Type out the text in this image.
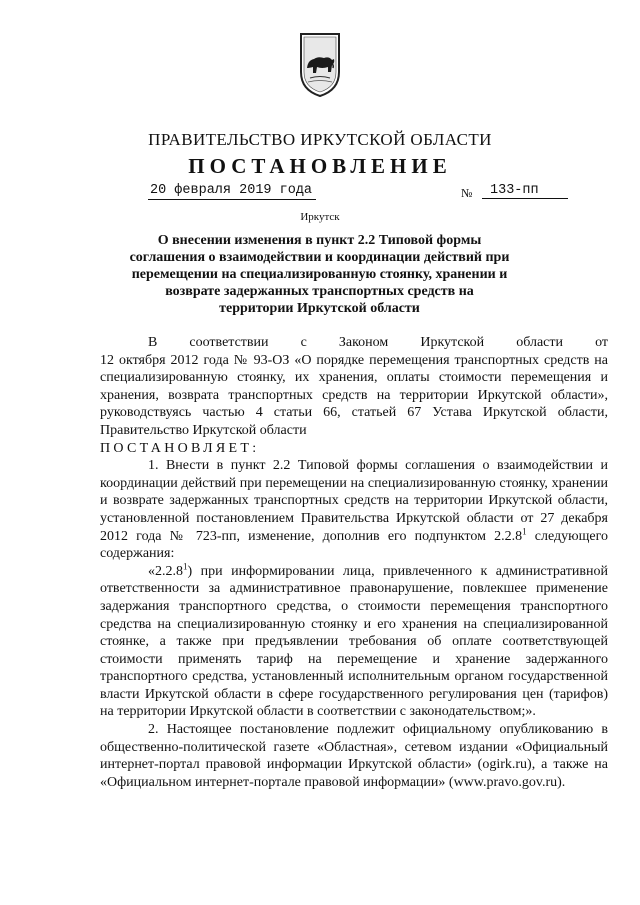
ПРАВИТЕЛЬСТВО ИРКУТСКОЙ ОБЛАСТИ
ПОСТАНОВЛЕНИЕ
20 февраля 2019 года	№	133-пп
Иркутск

О внесении изменения в пункт 2.2 Типовой формы соглашения о взаимодействии и координации действий при перемещении на специализированную стоянку, хранении и возврате задержанных транспортных средств на территории Иркутской области

В соответствии с Законом Иркутской области от

12 октября 2012 года № 93-ОЗ «О порядке перемещения транспортных средств на специализированную стоянку, их хранения, оплаты стоимости перемещения и хранения, возврата транспортных средств на территории Иркутской области», руководствуясь частью 4 статьи 66, статьей 67 Устава Иркутской области, Правительство Иркутской области

ПОСТАНОВЛЯЕТ:

1. Внести в пункт 2.2 Типовой формы соглашения о взаимодействии и координации действий при перемещении на специализированную стоянку, хранении и возврате задержанных транспортных средств на территории Иркутской области, установленной постановлением Правительства Иркутской области от 27 декабря 2012 года № 723-пп, изменение, дополнив его подпунктом 2.2.8$^1$ следующего содержания:

«2.2.8$^1$) при информировании лица, привлеченного к административной ответственности за административное правонарушение, повлекшее применение задержания транспортного средства, о стоимости перемещения транспортного средства на специализированную стоянку и его хранения на специализированной стоянке, а также при предъявлении требования об оплате соответствующей стоимости применять тариф на перемещение и хранение задержанного транспортного средства, установленный исполнительным органом государственной власти Иркутской области в сфере государственного регулирования цен (тарифов) на территории Иркутской области в соответствии с законодательством;».

2. Настоящее постановление подлежит официальному опубликованию в общественно-политической газете «Областная», сетевом издании «Официальный интернет-портал правовой информации Иркутской области» (ogirk.ru), а также на «Официальном интернет-портале правовой информации» (www.pravo.gov.ru).
